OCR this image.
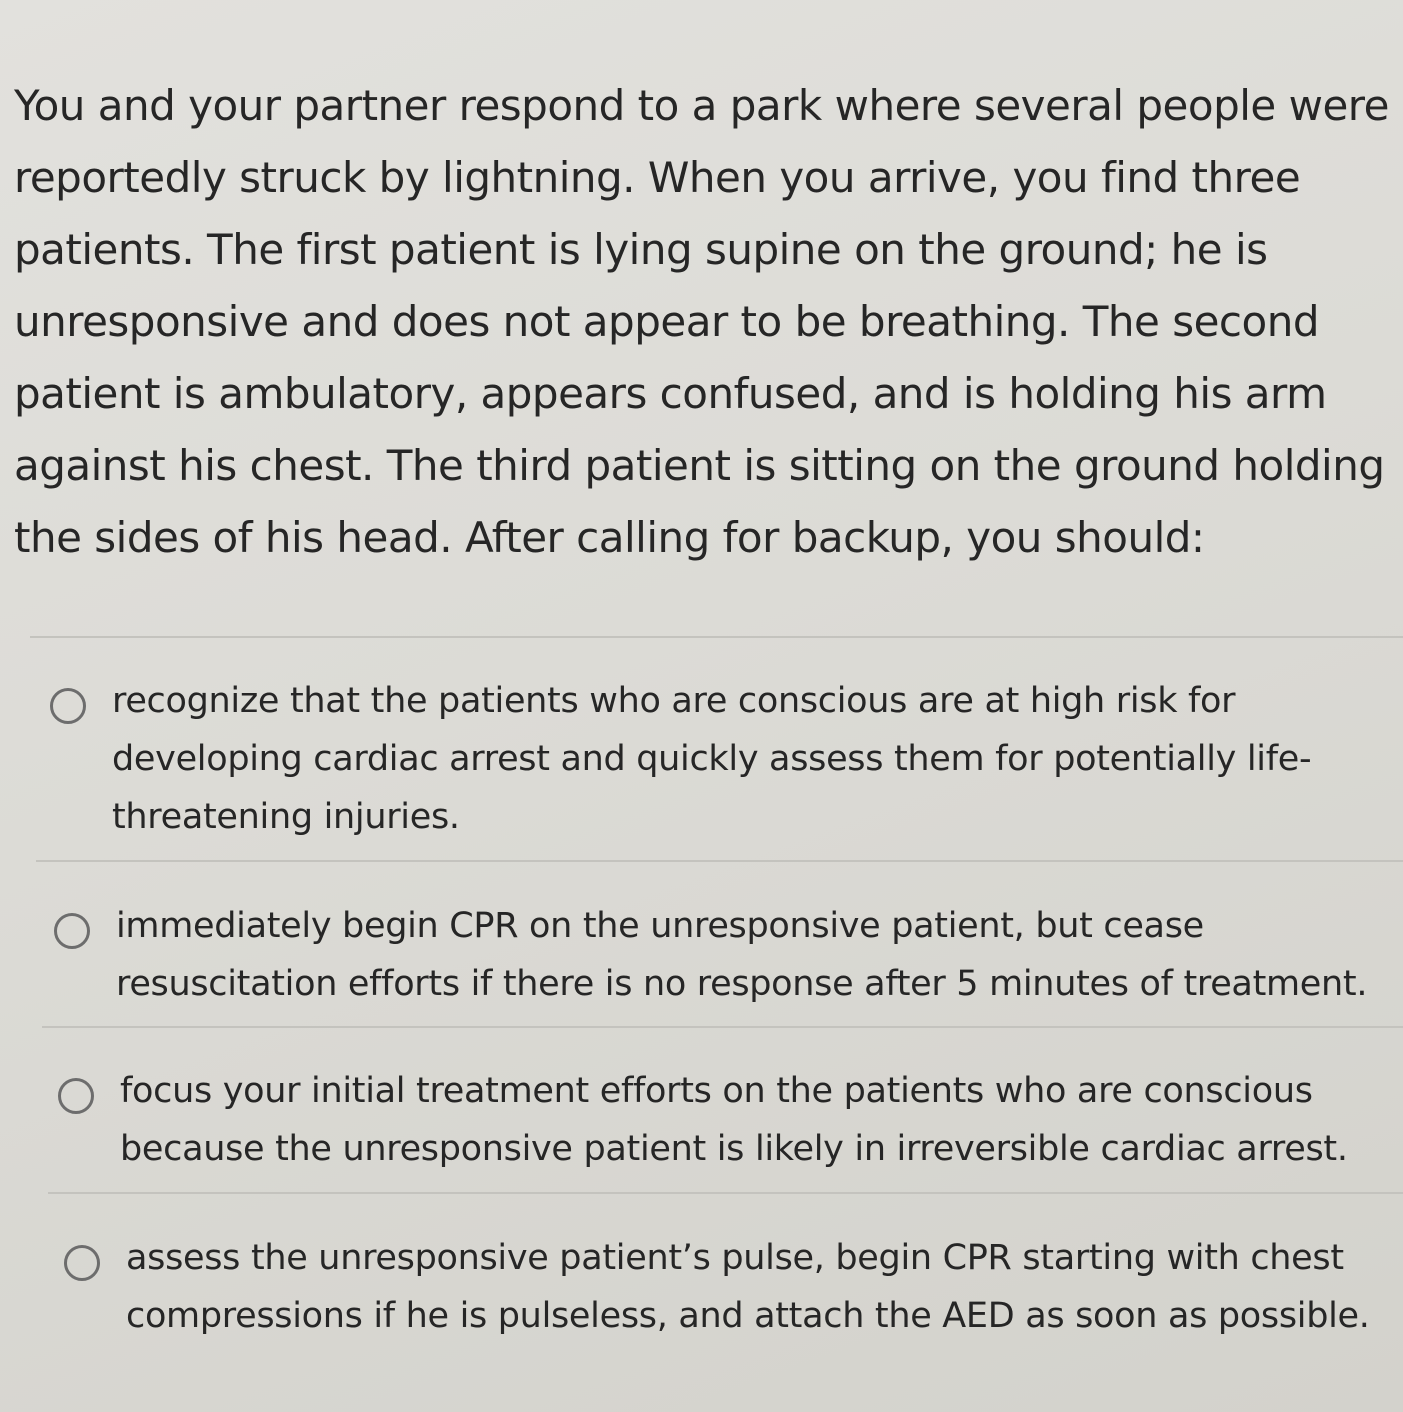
You and your partner respond to a park where several people were reportedly struck by lightning. When you arrive, you find three patients. The first patient is lying supine on the ground; he is unresponsive and does not appear to be breathing. The second patient is ambulatory, appears confused, and is holding his arm against his chest. The third patient is sitting on the ground holding the sides of his head. After calling for backup, you should:
recognize that the patients who are conscious are at high risk for developing cardiac arrest and quickly assess them for potentially life-threatening injuries.
immediately begin CPR on the unresponsive patient, but cease resuscitation efforts if there is no response after 5 minutes of treatment.
focus your initial treatment efforts on the patients who are conscious because the unresponsive patient is likely in irreversible cardiac arrest.
assess the unresponsive patient’s pulse, begin CPR starting with chest compressions if he is pulseless, and attach the AED as soon as possible.
